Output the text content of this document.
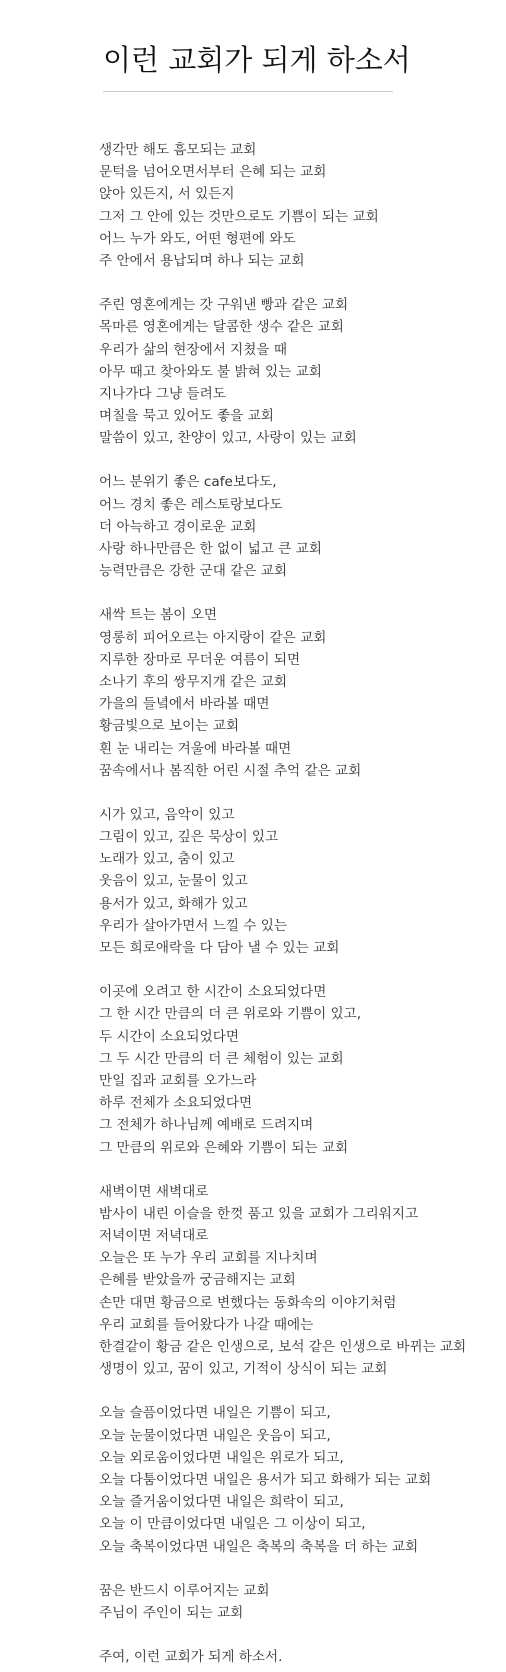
이런 교회가 되게 하소서

생각만 해도 흠모되는 교회
문턱을 넘어오면서부터 은혜 되는 교회
앉아 있든지, 서 있든지
그저 그 안에 있는 것만으로도 기쁨이 되는 교회
어느 누가 와도, 어떤 형편에 와도
주 안에서 용납되며 하나 되는 교회

주린 영혼에게는 갓 구워낸 빵과 같은 교회
목마른 영혼에게는 달콤한 생수 같은 교회
우리가 삶의 현장에서 지쳤을 때
아무 때고 찾아와도 불 밝혀 있는 교회
지나가다 그냥 들려도
며칠을 묵고 있어도 좋을 교회
말씀이 있고, 찬양이 있고, 사랑이 있는 교회

어느 분위기 좋은 cafe보다도,
어느 경치 좋은 레스토랑보다도
더 아늑하고 경이로운 교회
사랑 하나만큼은 한 없이 넓고 큰 교회
능력만큼은 강한 군대 같은 교회

새싹 트는 봄이 오면
영롱히 피어오르는 아지랑이 같은 교회
지루한 장마로 무더운 여름이 되면
소나기 후의 쌍무지개 같은 교회
가을의 들녘에서 바라볼 때면
황금빛으로 보이는 교회
흰 눈 내리는 겨울에 바라볼 때면
꿈속에서나 봄직한 어린 시절 추억 같은 교회

시가 있고, 음악이 있고
그림이 있고, 깊은 묵상이 있고
노래가 있고, 춤이 있고
웃음이 있고, 눈물이 있고
용서가 있고, 화해가 있고
우리가 살아가면서 느낄 수 있는
모든 희로애락을 다 담아 낼 수 있는 교회

이곳에 오려고 한 시간이 소요되었다면
그 한 시간 만큼의 더 큰 위로와 기쁨이 있고,
두 시간이 소요되었다면
그 두 시간 만큼의 더 큰 체험이 있는 교회
만일 집과 교회를 오가느라
하루 전체가 소요되었다면
그 전체가 하나님께 예배로 드려지며
그 만큼의 위로와 은혜와 기쁨이 되는 교회

새벽이면 새벽대로
밤사이 내린 이슬을 한껏 품고 있을 교회가 그리워지고
저녁이면 저녁대로
오늘은 또 누가 우리 교회를 지나치며
은혜를 받았을까 궁금해지는 교회
손만 대면 황금으로 변했다는 동화속의 이야기처럼
우리 교회를 들어왔다가 나갈 때에는
한결같이 황금 같은 인생으로, 보석 같은 인생으로 바뀌는 교회
생명이 있고, 꿈이 있고, 기적이 상식이 되는 교회

오늘 슬픔이었다면 내일은 기쁨이 되고,
오늘 눈물이었다면 내일은 웃음이 되고,
오늘 외로움이었다면 내일은 위로가 되고,
오늘 다툼이었다면 내일은 용서가 되고 화해가 되는 교회
오늘 즐거움이었다면 내일은 희락이 되고,
오늘 이 만큼이었다면 내일은 그 이상이 되고,
오늘 축복이었다면 내일은 축복의 축복을 더 하는 교회

꿈은 반드시 이루어지는 교회
주님이 주인이 되는 교회

주여, 이런 교회가 되게 하소서.
